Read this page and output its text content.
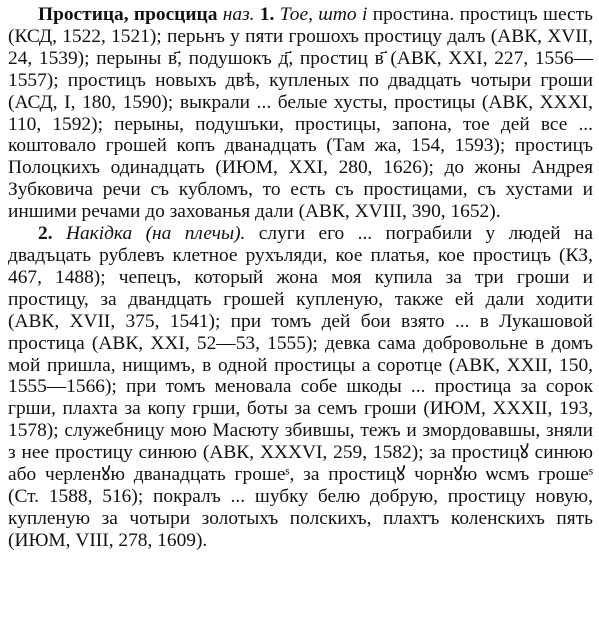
Простица, просцица наз. 1. Тое, што і простина. простицъ шесть (КСД, 1522, 1521); перьнъ у пяти грошохъ простицу далъ (АВК, XVII, 24, 1539); перыны в҃, подушокъ д҃, простиц в҃ (АВК, XXI, 227, 1556—1557); простицъ новыхъ двѣ, купленых по двадцать чотыри гроши (АСД, I, 180, 1590); выкрали ... белые хусты, простицы (АВК, XXXI, 110, 1592); перыны, подушъки, простицы, запона, тое дей все ... коштовало грошей копъ дванадцать (Там жа, 154, 1593); простицъ Полоцкихъ одинадцать (ИЮМ, XXI, 280, 1626); до жоны Андрея Зубковича речи съ кубломъ, то есть съ простицами, съ хустами и иншими речами до захованья дали (АВК, XVIII, 390, 1652).

2. Накідка (на плечы). слуги его ... пограбили у людей на двадъцать рублевъ клетное рухъляди, кое платья, кое простицъ (КЗ, 467, 1488); чепецъ, который жона моя купила за три гроши и простицу, за двандцать грошей купленую, также ей дали ходити (АВК, XVII, 375, 1541); при томъ дей бои взято ... в Лукашовой простица (АВК, XXI, 52—53, 1555); девка сама добровольне в домъ мой пришла, нищимъ, в одной простицы а соротце (АВК, XXII, 150, 1555—1566); при томъ меновала собе шкоды ... простица за сорок грши, плахта за копу грши, боты за семъ гроши (ИЮМ, XXXII, 193, 1578); служебницу мою Масюту збившы, тежъ и змордовавшы, зняли з нее простицу синюю (АВК, XXXVI, 259, 1582); за простицꙋ синюю або черленꙋю дванадцать грошеˢ, за простицꙋ чорнꙋю ѡсмъ грошеˢ (Ст. 1588, 516); покралъ ... шубку белю добрую, простицу новую, купленую за чотыри золотыхъ полскихъ, плахтъ коленскихъ пять (ИЮМ, VIII, 278, 1609).
